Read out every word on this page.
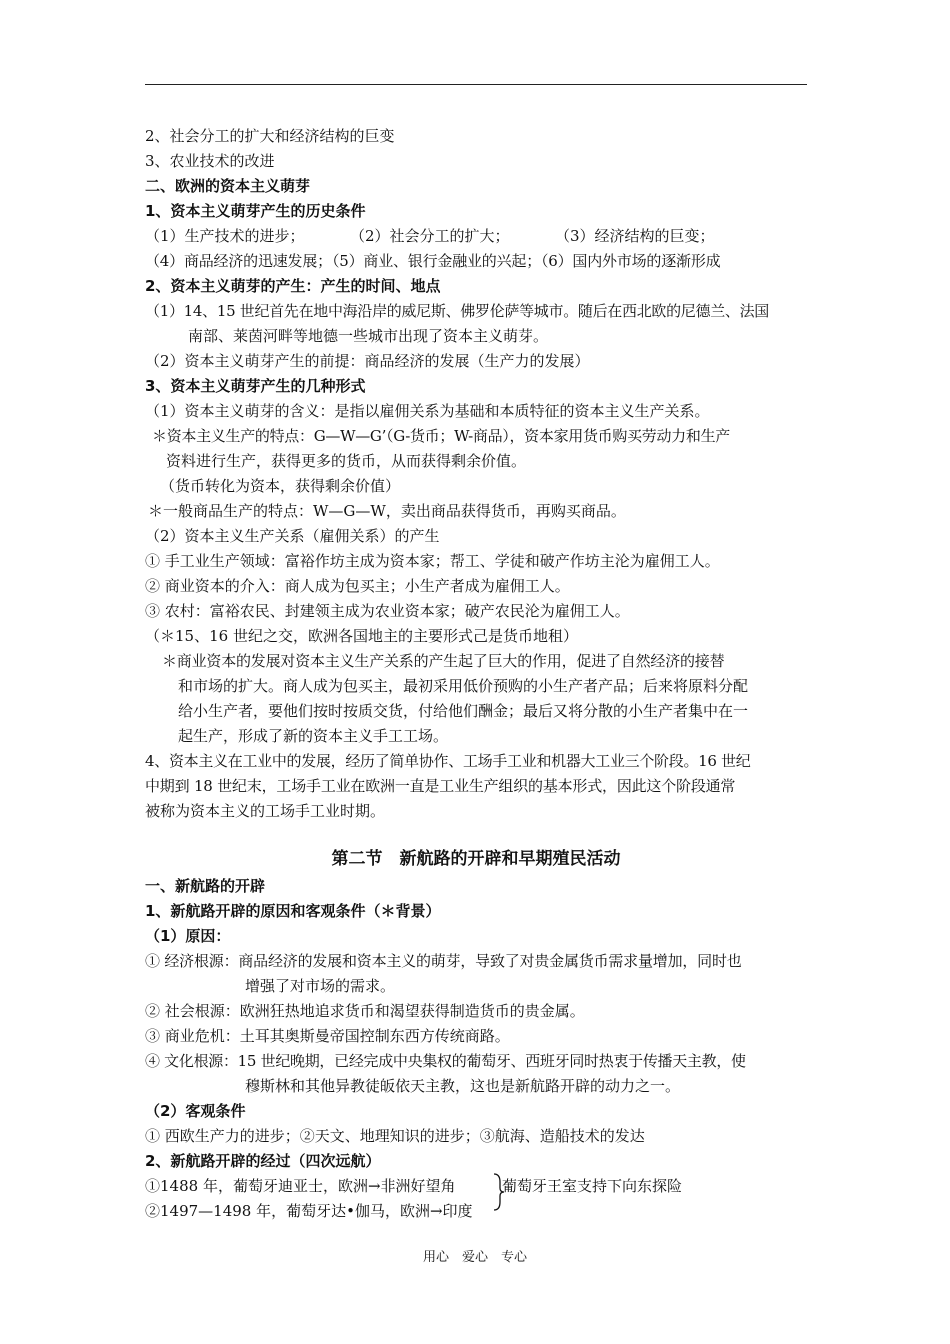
2、社会分工的扩大和经济结构的巨变
3、农业技术的改进
二、欧洲的资本主义萌芽
1、资本主义萌芽产生的历史条件
（1）生产技术的进步；	（2）社会分工的扩大；	（3）经济结构的巨变；
（4）商品经济的迅速发展；（5）商业、银行金融业的兴起；（6）国内外市场的逐渐形成
2、资本主义萌芽的产生：产生的时间、地点
（1）14、15 世纪首先在地中海沿岸的威尼斯、佛罗伦萨等城市。随后在西北欧的尼德兰、法国
南部、莱茵河畔等地德一些城市出现了资本主义萌芽。
（2）资本主义萌芽产生的前提：商品经济的发展（生产力的发展）
3、资本主义萌芽产生的几种形式
（1）资本主义萌芽的含义：是指以雇佣关系为基础和本质特征的资本主义生产关系。
＊资本主义生产的特点：G—W—G’（G-货币；W-商品），资本家用货币购买劳动力和生产
资料进行生产，获得更多的货币，从而获得剩余价值。
（货币转化为资本，获得剩余价值）
＊一般商品生产的特点：W—G—W，卖出商品获得货币，再购买商品。
（2）资本主义生产关系（雇佣关系）的产生
① 手工业生产领域：富裕作坊主成为资本家；帮工、学徒和破产作坊主沦为雇佣工人。
② 商业资本的介入：商人成为包买主；小生产者成为雇佣工人。
③ 农村：富裕农民、封建领主成为农业资本家；破产农民沦为雇佣工人。
（＊15、16 世纪之交，欧洲各国地主的主要形式己是货币地租）
＊商业资本的发展对资本主义生产关系的产生起了巨大的作用，促进了自然经济的接替
和市场的扩大。商人成为包买主，最初采用低价预购的小生产者产品；后来将原料分配
给小生产者，要他们按时按质交货，付给他们酬金；最后又将分散的小生产者集中在一
起生产，形成了新的资本主义手工工场。
4、资本主义在工业中的发展，经历了简单协作、工场手工业和机器大工业三个阶段。16 世纪
中期到 18 世纪末，工场手工业在欧洲一直是工业生产组织的基本形式，因此这个阶段通常
被称为资本主义的工场手工业时期。
第二节　新航路的开辟和早期殖民活动
一、新航路的开辟
1、新航路开辟的原因和客观条件（＊背景）
（1）原因：
① 经济根源：商品经济的发展和资本主义的萌芽，导致了对贵金属货币需求量增加，同时也
增强了对市场的需求。
② 社会根源：欧洲狂热地追求货币和渴望获得制造货币的贵金属。
③ 商业危机：土耳其奥斯曼帝国控制东西方传统商路。
④ 文化根源：15 世纪晚期，已经完成中央集权的葡萄牙、西班牙同时热衷于传播天主教，使
穆斯林和其他异教徒皈依天主教，这也是新航路开辟的动力之一。
（2）客观条件
① 西欧生产力的进步；②天文、地理知识的进步；③航海、造船技术的发达
2、新航路开辟的经过（四次远航）
①1488 年，葡萄牙迪亚士，欧洲→非洲好望角	葡萄牙王室支持下向东探险
②1497—1498 年，葡萄牙达•伽马，欧洲→印度
用心　爱心　专心
